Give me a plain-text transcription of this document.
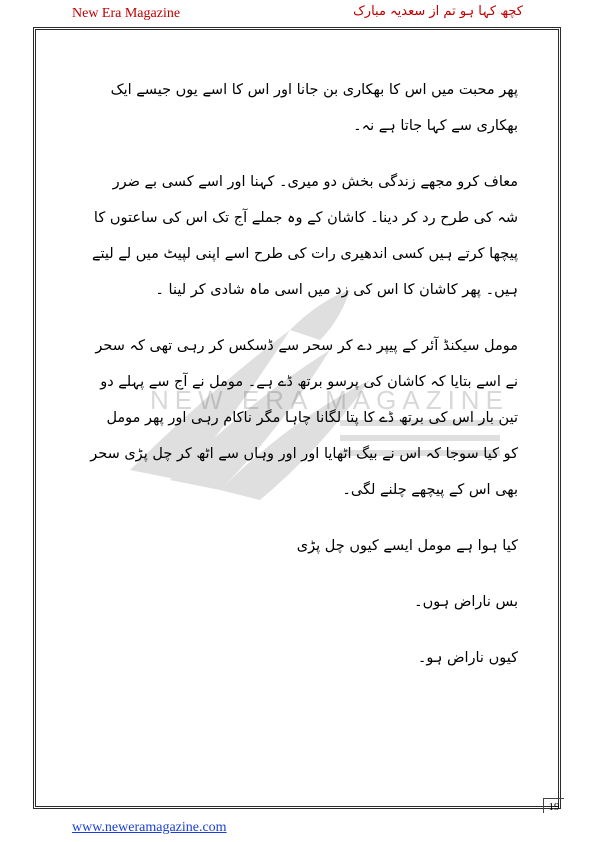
New Era Magazine	کچھ کہا ہو تم از سعدیہ مبارک
NEW ERA MAGAZINE

پھر محبت میں اس کا بھکاری بن جانا اور اس کا اسے یوں جیسے ایک بھکاری سے کہا جاتا ہے نہ۔

معاف کرو مجھے زندگی بخش دو میری۔ کہنا اور اسے کسی بے ضرر شہ کی طرح رد کر دینا۔ کاشان کے وہ جملے آج تک اس کی ساعتوں کا پیچھا کرتے ہیں کسی اندھیری رات کی طرح اسے اپنی لپیٹ میں لے لیتے ہیں۔ پھر کاشان کا اس کی زد میں اسی ماہ شادی کر لینا ۔

مومل سیکنڈ آئر کے پیپر دے کر سحر سے ڈسکس کر رہی تھی کہ سحر نے اسے بتایا کہ کاشان کی پرسو برتھ ڈے ہے۔ مومل نے آج سے پہلے دو تین بار اس کی برتھ ڈے کا پتا لگانا چاہا مگر ناکام رہی اور پھر مومل کو کیا سوجا کہ اس نے بیگ اٹھایا اور اور وہاں سے اٹھ کر چل پڑی سحر بھی اس کے پیچھے چلنے لگی۔

کیا ہوا ہے مومل ایسے کیوں چل پڑی

بس ناراض ہوں۔

کیوں ناراض ہو۔

19
www.neweramagazine.com
